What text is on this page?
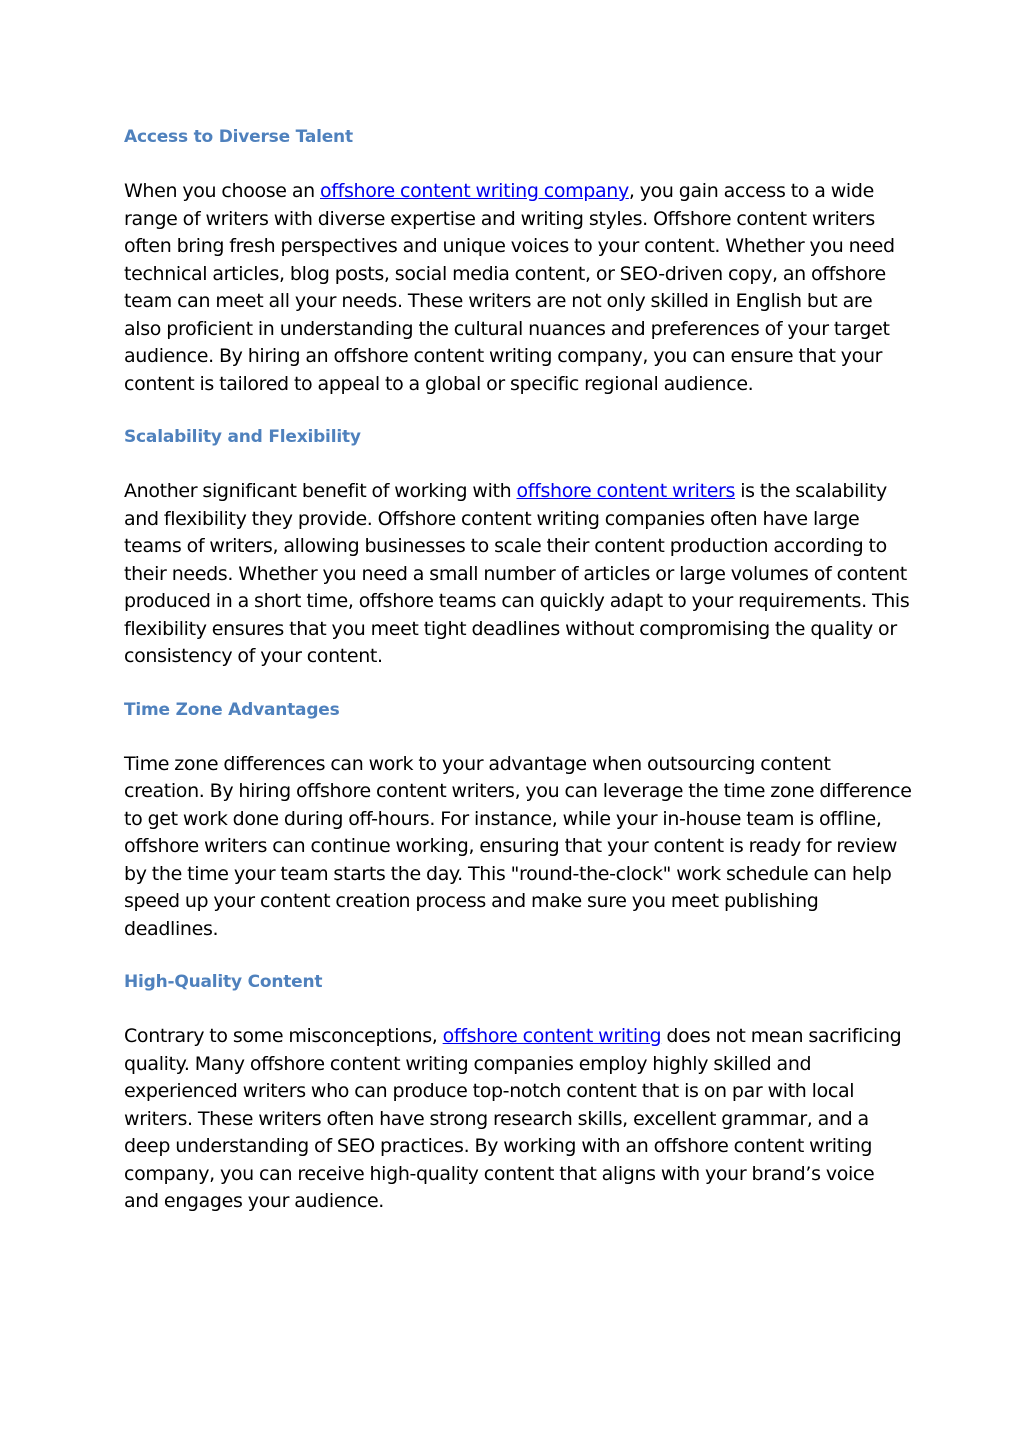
Access to Diverse Talent

When you choose an offshore content writing company, you gain access to a wide range of writers with diverse expertise and writing styles. Offshore content writers often bring fresh perspectives and unique voices to your content. Whether you need technical articles, blog posts, social media content, or SEO-driven copy, an offshore team can meet all your needs. These writers are not only skilled in English but are also proficient in understanding the cultural nuances and preferences of your target audience. By hiring an offshore content writing company, you can ensure that your content is tailored to appeal to a global or specific regional audience.

Scalability and Flexibility

Another significant benefit of working with offshore content writers is the scalability and flexibility they provide. Offshore content writing companies often have large teams of writers, allowing businesses to scale their content production according to their needs. Whether you need a small number of articles or large volumes of content produced in a short time, offshore teams can quickly adapt to your requirements. This flexibility ensures that you meet tight deadlines without compromising the quality or consistency of your content.

Time Zone Advantages

Time zone differences can work to your advantage when outsourcing content creation. By hiring offshore content writers, you can leverage the time zone difference to get work done during off-hours. For instance, while your in-house team is offline, offshore writers can continue working, ensuring that your content is ready for review by the time your team starts the day. This "round-the-clock" work schedule can help speed up your content creation process and make sure you meet publishing deadlines.

High-Quality Content

Contrary to some misconceptions, offshore content writing does not mean sacrificing quality. Many offshore content writing companies employ highly skilled and experienced writers who can produce top-notch content that is on par with local writers. These writers often have strong research skills, excellent grammar, and a deep understanding of SEO practices. By working with an offshore content writing company, you can receive high-quality content that aligns with your brand’s voice and engages your audience.
